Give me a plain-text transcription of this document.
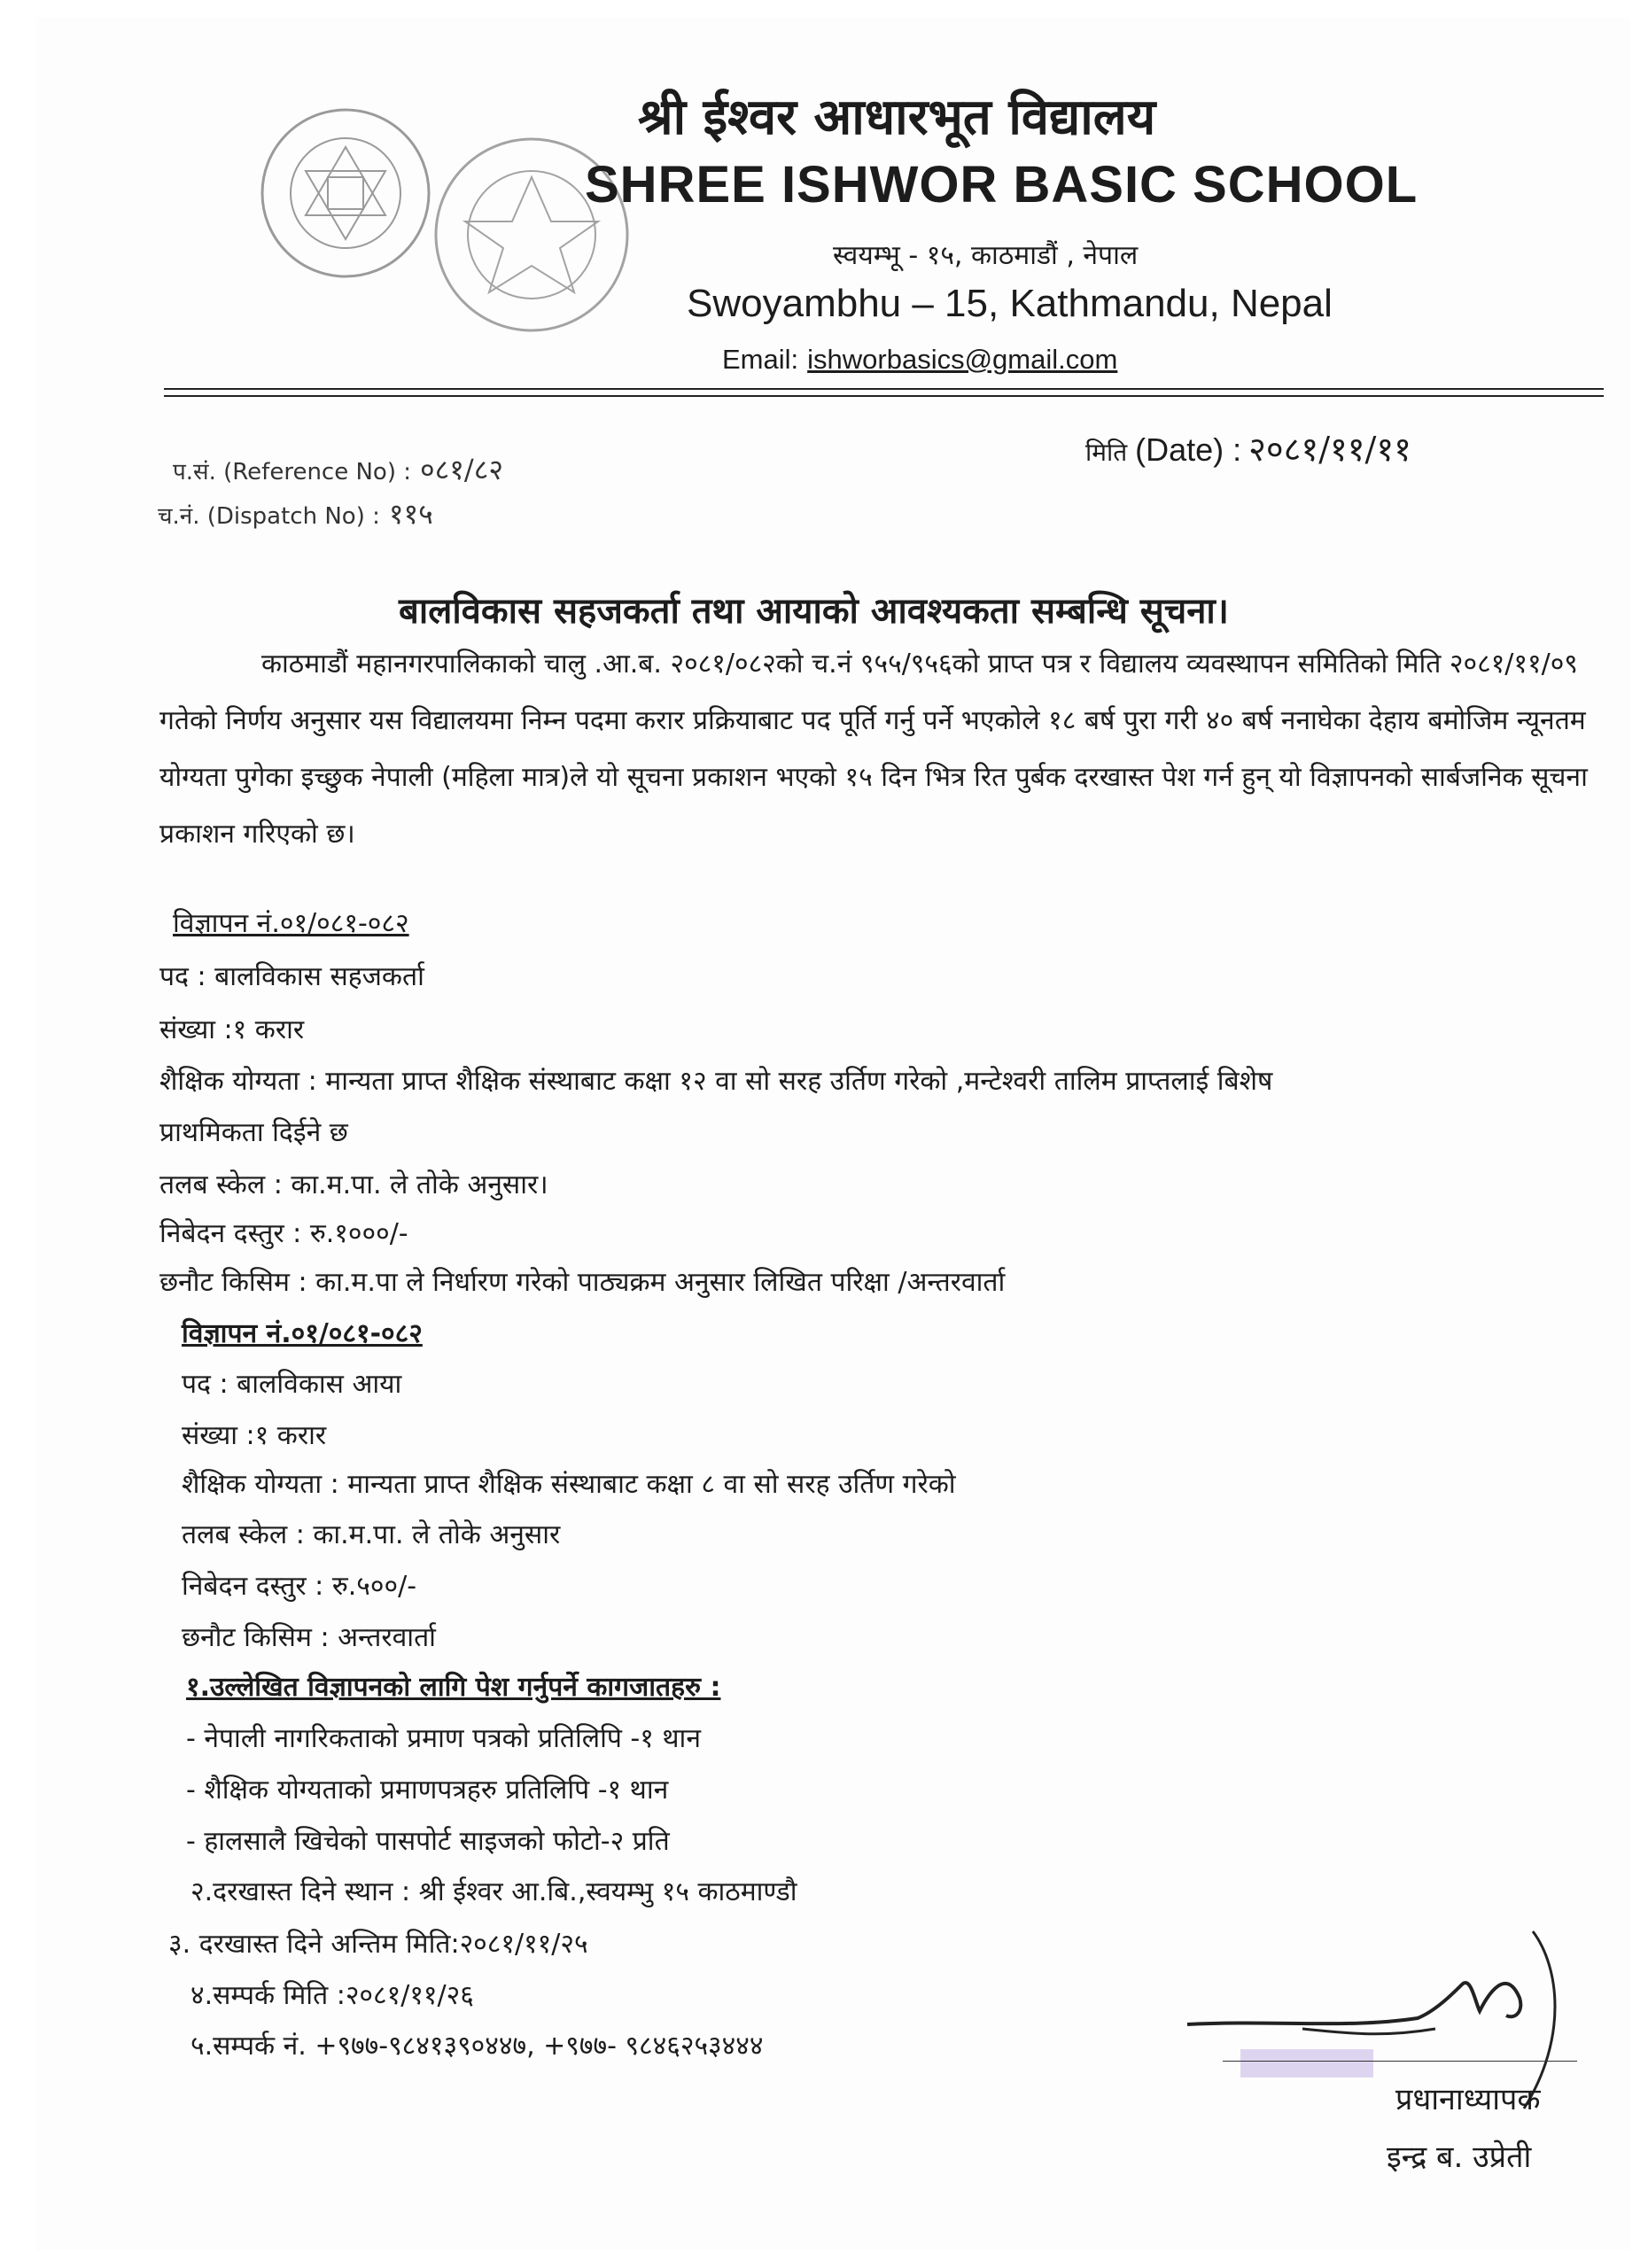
श्री ईश्वर आधारभूत विद्यालय
SHREE ISHWOR BASIC SCHOOL
स्वयम्भू - १५, काठमाडौं , नेपाल
Swoyambhu – 15, Kathmandu, Nepal
Email: ishworbasics@gmail.com
प.सं. (Reference No) : ०८१/८२
च.नं. (Dispatch No) : ११५
मिति (Date) : २०८१/११/११
बालविकास सहजकर्ता तथा आयाको आवश्यकता सम्बन्धि सूचना।
काठमाडौं महानगरपालिकाको चालु .आ.ब. २०८१/०८२को च.नं ९५५/९५६को प्राप्त पत्र र विद्यालय व्यवस्थापन समितिको मिति २०८१/११/०९ गतेको निर्णय अनुसार यस विद्यालयमा निम्न पदमा करार प्रक्रियाबाट पद पूर्ति गर्नु पर्ने भएकोले १८ बर्ष पुरा गरी ४० बर्ष ननाघेका देहाय बमोजिम न्यूनतम योग्यता पुगेका इच्छुक नेपाली (महिला मात्र)ले यो सूचना प्रकाशन भएको १५ दिन भित्र रित पुर्बक दरखास्त पेश गर्न हुन् यो विज्ञापनको सार्बजनिक सूचना प्रकाशन गरिएको छ।
विज्ञापन नं.०१/०८१-०८२
पद : बालविकास सहजकर्ता
संख्या :१ करार
शैक्षिक योग्यता : मान्यता प्राप्त शैक्षिक संस्थाबाट कक्षा १२ वा सो सरह उर्तिण गरेको ,मन्टेश्वरी तालिम प्राप्तलाई बिशेष
प्राथमिकता दिईने छ
तलब स्केल : का.म.पा. ले तोके अनुसार।
निबेदन दस्तुर : रु.१०००/-
छनौट किसिम : का.म.पा ले निर्धारण गरेको पाठ्यक्रम अनुसार लिखित परिक्षा /अन्तरवार्ता
विज्ञापन नं.०१/०८१-०८२
पद : बालविकास आया
संख्या :१ करार
शैक्षिक योग्यता : मान्यता प्राप्त शैक्षिक संस्थाबाट कक्षा ८ वा सो सरह उर्तिण गरेको
तलब स्केल : का.म.पा. ले तोके अनुसार
निबेदन दस्तुर : रु.५००/-
छनौट किसिम : अन्तरवार्ता
१.उल्लेखित विज्ञापनको लागि पेश गर्नुपर्ने कागजातहरु :
- नेपाली नागरिकताको प्रमाण पत्रको प्रतिलिपि -१ थान
- शैक्षिक योग्यताको प्रमाणपत्रहरु प्रतिलिपि -१ थान
- हालसालै खिचेको पासपोर्ट साइजको फोटो-२ प्रति
२.दरखास्त दिने स्थान : श्री ईश्वर आ.बि.,स्वयम्भु १५ काठमाण्डौ
३. दरखास्त दिने अन्तिम मिति:२०८१/११/२५
४.सम्पर्क मिति :२०८१/११/२६
५.सम्पर्क नं. +९७७-९८४१३९०४४७, +९७७- ९८४६२५३४४४
प्रधानाध्यापक
इन्द्र ब. उप्रेती
